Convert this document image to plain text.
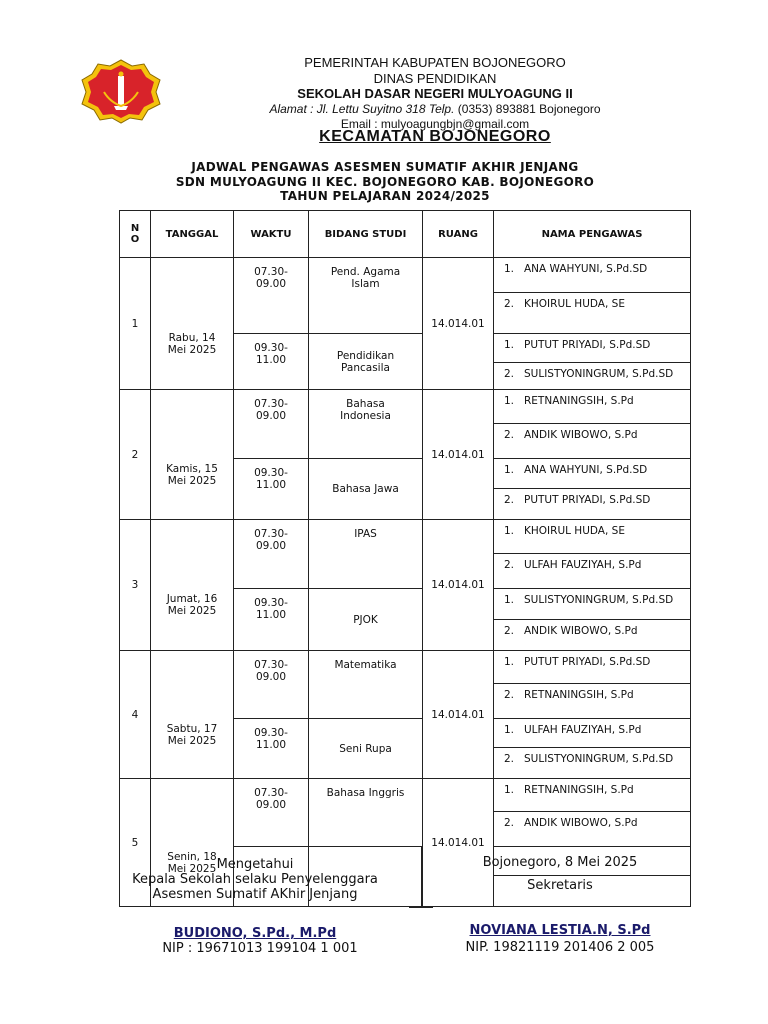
PEMERINTAH KABUPATEN BOJONEGORO
DINAS PENDIDIKAN
SEKOLAH DASAR NEGERI MULYOAGUNG II
Alamat : Jl. Lettu Suyitno 318 Telp. (0353) 893881 Bojonegoro
Email : mulyoagungbjn@gmail.com
KECAMATAN BOJONEGORO
JADWAL PENGAWAS ASESMEN SUMATIF AKHIR JENJANG
SDN MULYOAGUNG II KEC. BOJONEGORO KAB. BOJONEGORO
TAHUN PELAJARAN 2024/2025
N O	TANGGAL	WAKTU	BIDANG STUDI	RUANG	NAMA PENGAWAS
1	Rabu, 14 Mei 2025	07.30-09.00	Pend. Agama Islam	14.014.01	1. ANA WAHYUNI, S.Pd.SD
					2. KHOIRUL HUDA, SE

		09.30-11.00	Pendidikan Pancasila		1. PUTUT PRIYADI, S.Pd.SD
					2. SULISTYONINGRUM, S.Pd.SD
2	Kamis, 15 Mei 2025	07.30-09.00	Bahasa Indonesia	14.014.01	1. RETNANINGSIH, S.Pd
					2. ANDIK WIBOWO, S.Pd

		09.30-11.00	Bahasa Jawa		1. ANA WAHYUNI, S.Pd.SD
					2. PUTUT PRIYADI, S.Pd.SD
3	Jumat, 16 Mei 2025	07.30-09.00	IPAS	14.014.01	1. KHOIRUL HUDA, SE
					2. ULFAH FAUZIYAH, S.Pd

		09.30-11.00	PJOK		1. SULISTYONINGRUM, S.Pd.SD
					2. ANDIK WIBOWO, S.Pd
4	Sabtu, 17 Mei 2025	07.30-09.00	Matematika	14.014.01	1. PUTUT PRIYADI, S.Pd.SD
					2. RETNANINGSIH, S.Pd

		09.30-11.00	Seni Rupa		1. ULFAH FAUZIYAH, S.Pd
					2. SULISTYONINGRUM, S.Pd.SD
5	Senin, 18 Mei 2025	07.30-09.00	Bahasa Inggris	14.014.01	1. RETNANINGSIH, S.Pd
					2. ANDIK WIBOWO, S.Pd

Mengetahui
Kepala Sekolah selaku Penyelenggara
Asesmen Sumatif AKhir Jenjang
Bojonegoro, 8 Mei 2025
Sekretaris
BUDIONO, S.Pd., M.Pd
NIP : 19671013 199104 1 001
NOVIANA LESTIA.N, S.Pd
NIP. 19821119 201406 2 005
